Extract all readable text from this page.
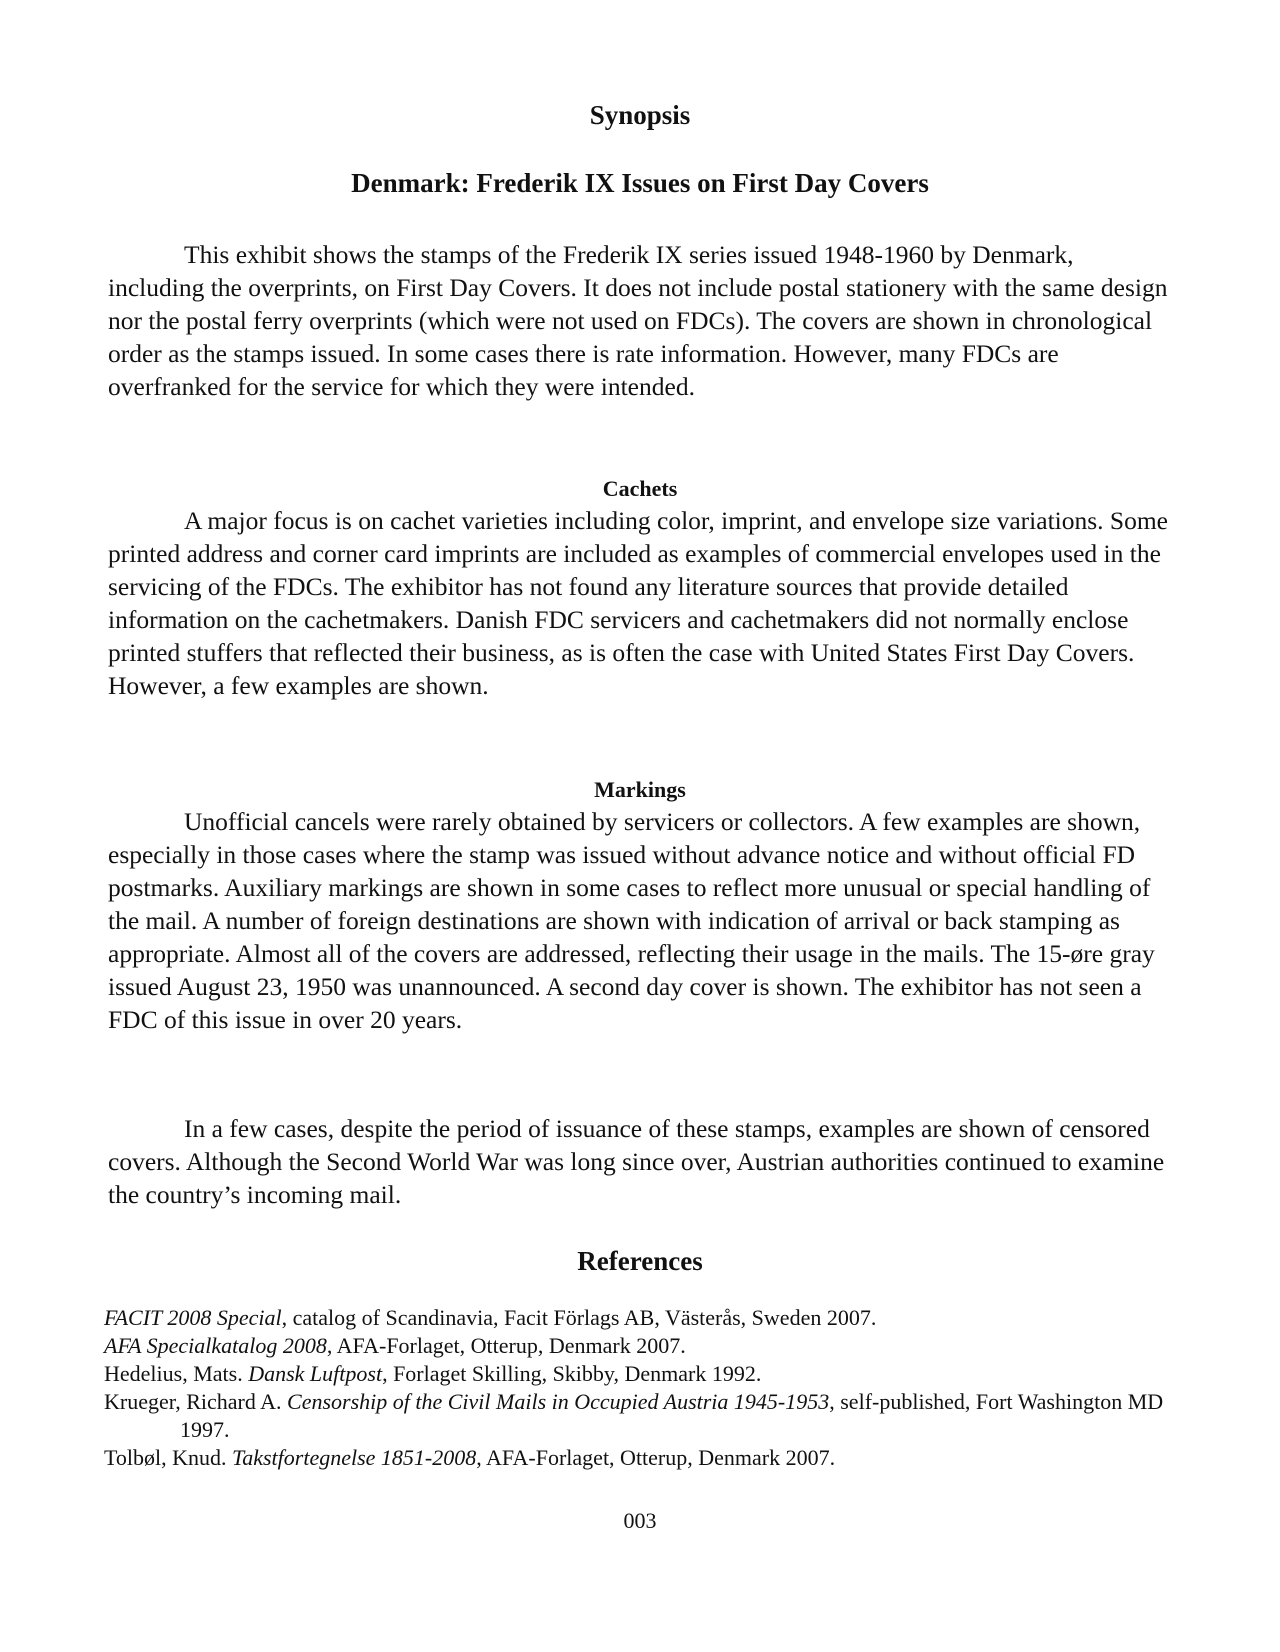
Synopsis
Denmark: Frederik IX Issues on First Day Covers

This exhibit shows the stamps of the Frederik IX series issued 1948-1960 by Denmark, including the overprints, on First Day Covers. It does not include postal stationery with the same design nor the postal ferry overprints (which were not used on FDCs). The covers are shown in chronological order as the stamps issued. In some cases there is rate information. However, many FDCs are overfranked for the service for which they were intended.

Cachets

A major focus is on cachet varieties including color, imprint, and envelope size variations. Some printed address and corner card imprints are included as examples of commercial envelopes used in the servicing of the FDCs. The exhibitor has not found any literature sources that provide detailed information on the cachetmakers. Danish FDC servicers and cachetmakers did not normally enclose printed stuffers that reflected their business, as is often the case with United States First Day Covers. However, a few examples are shown.

Markings

Unofficial cancels were rarely obtained by servicers or collectors. A few examples are shown, especially in those cases where the stamp was issued without advance notice and without official FD postmarks. Auxiliary markings are shown in some cases to reflect more unusual or special handling of the mail. A number of foreign destinations are shown with indication of arrival or back stamping as appropriate. Almost all of the covers are addressed, reflecting their usage in the mails. The 15-øre gray issued August 23, 1950 was unannounced. A second day cover is shown. The exhibitor has not seen a FDC of this issue in over 20 years.

In a few cases, despite the period of issuance of these stamps, examples are shown of censored covers. Although the Second World War was long since over, Austrian authorities continued to examine the country’s incoming mail.

References
FACIT 2008 Special, catalog of Scandinavia, Facit Förlags AB, Västerås, Sweden 2007.
AFA Specialkatalog 2008, AFA-Forlaget, Otterup, Denmark 2007.
Hedelius, Mats. Dansk Luftpost, Forlaget Skilling, Skibby, Denmark 1992.
Krueger, Richard A. Censorship of the Civil Mails in Occupied Austria 1945-1953, self-published, Fort Washington MD 1997.
Tolbøl, Knud. Takstfortegnelse 1851-2008, AFA-Forlaget, Otterup, Denmark 2007.
003
